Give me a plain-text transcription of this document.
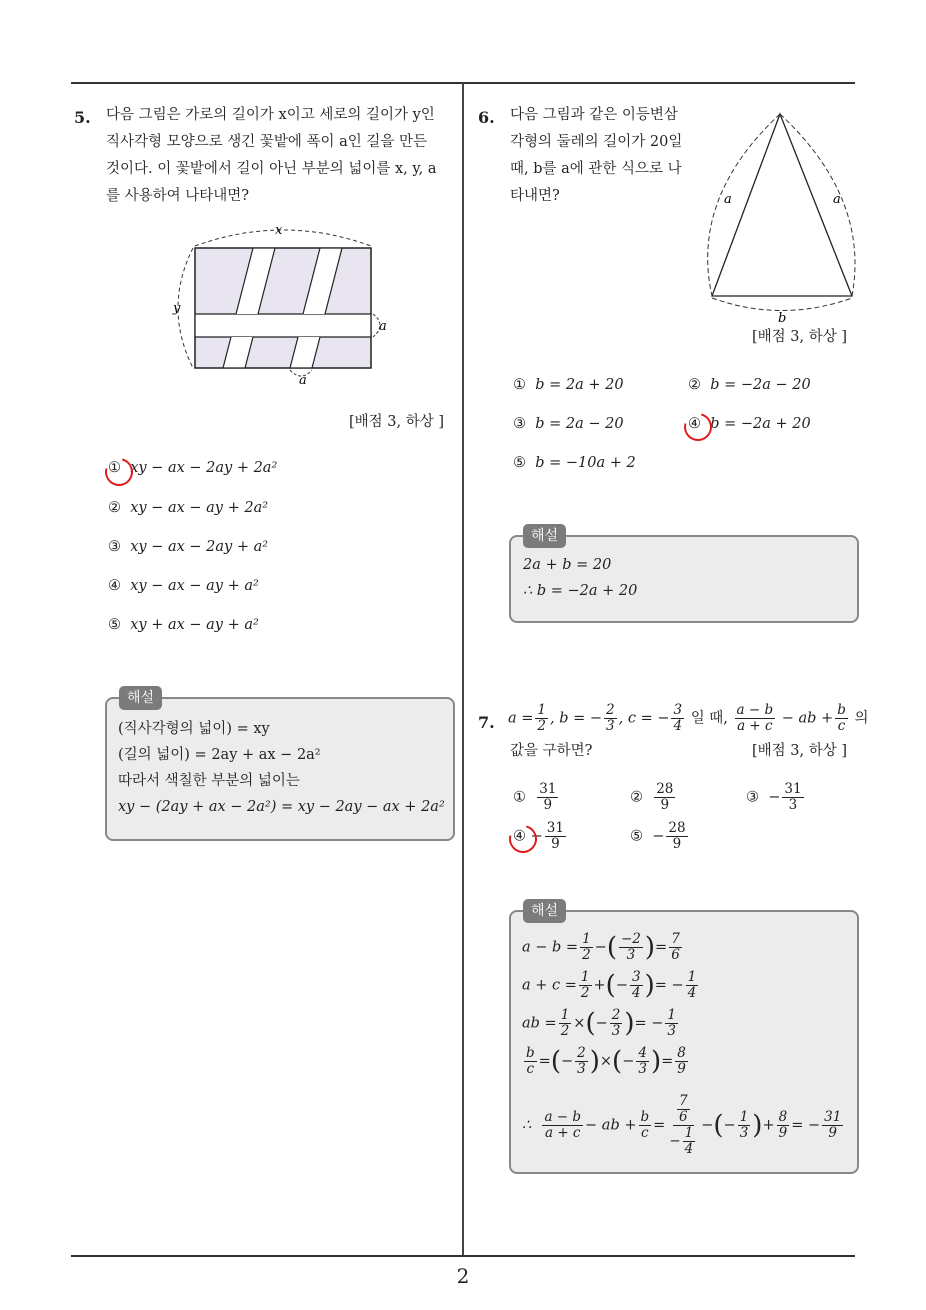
2
5. 다음 그림은 가로의 길이가 x이고 세로의 길이가 y인
직사각형 모양으로 생긴 꽃밭에 폭이 a인 길을 만든
것이다. 이 꽃밭에서 길이 아닌 부분의 넓이를 x, y, a
를 사용하여 나타내면?
x
y
a
a
[배점 3, 하상 ]
① xy − ax − 2ay + 2a²
② xy − ax − ay + 2a²
③ xy − ax − 2ay + a²
④ xy − ax − ay + a²
⑤ xy + ax − ay + a²
해설
(직사각형의 넓이) = xy
(길의 넓이) = 2ay + ax − 2a²
따라서 색칠한 부분의 넓이는
xy − (2ay + ax − 2a²) = xy − 2ay − ax + 2a²
6. 다음 그림과 같은 이등변삼
각형의 둘레의 길이가 20일
때, b를 a에 관한 식으로 나
타내면?	a	a
b
[배점 3, 하상 ]
① b = 2a + 20	② b = −2a − 20
③ b = 2a − 20	④ b = −2a + 20
⑤ b = −10a + 2
해설
2a + b = 20
∴ b = −2a + 20
7. $a = \frac{1}{2}$ , b = − $\frac{2}{3}$ , c = − $\frac{3}{4}$ 일 때, $\frac{a - b}{a + c}$ − ab + $\frac{b}{c}$ 의
값을 구하면?	[배점 3, 하상 ]
① $\frac{31}{9}$	② $\frac{28}{9}$	③ − $\frac{31}{3}$
④ − $\frac{31}{9}$	⑤ − $\frac{28}{9}$
해설
$a - b = \frac{1}{2}$ −( $\frac{-2}{3}$ )= $\frac{7}{6}$
$a + c = \frac{1}{2}$ +(− $\frac{3}{4}$ )= − $\frac{1}{4}$
ab = $\frac{1}{2}$ ×(− $\frac{2}{3}$ )= − $\frac{1}{3}$
$\frac{b}{c}$ =(− $\frac{2}{3}$ )×(− $\frac{4}{3}$ )= $\frac{8}{9}$
∴ $\frac{a - b}{a + c}$ − ab + $\frac{b}{c} = \frac{\frac{7}{6}}{- \frac{1}{4}}$ −(− $\frac{1}{3}$ )+ $\frac{8}{9}$ = − $\frac{31}{9}$
